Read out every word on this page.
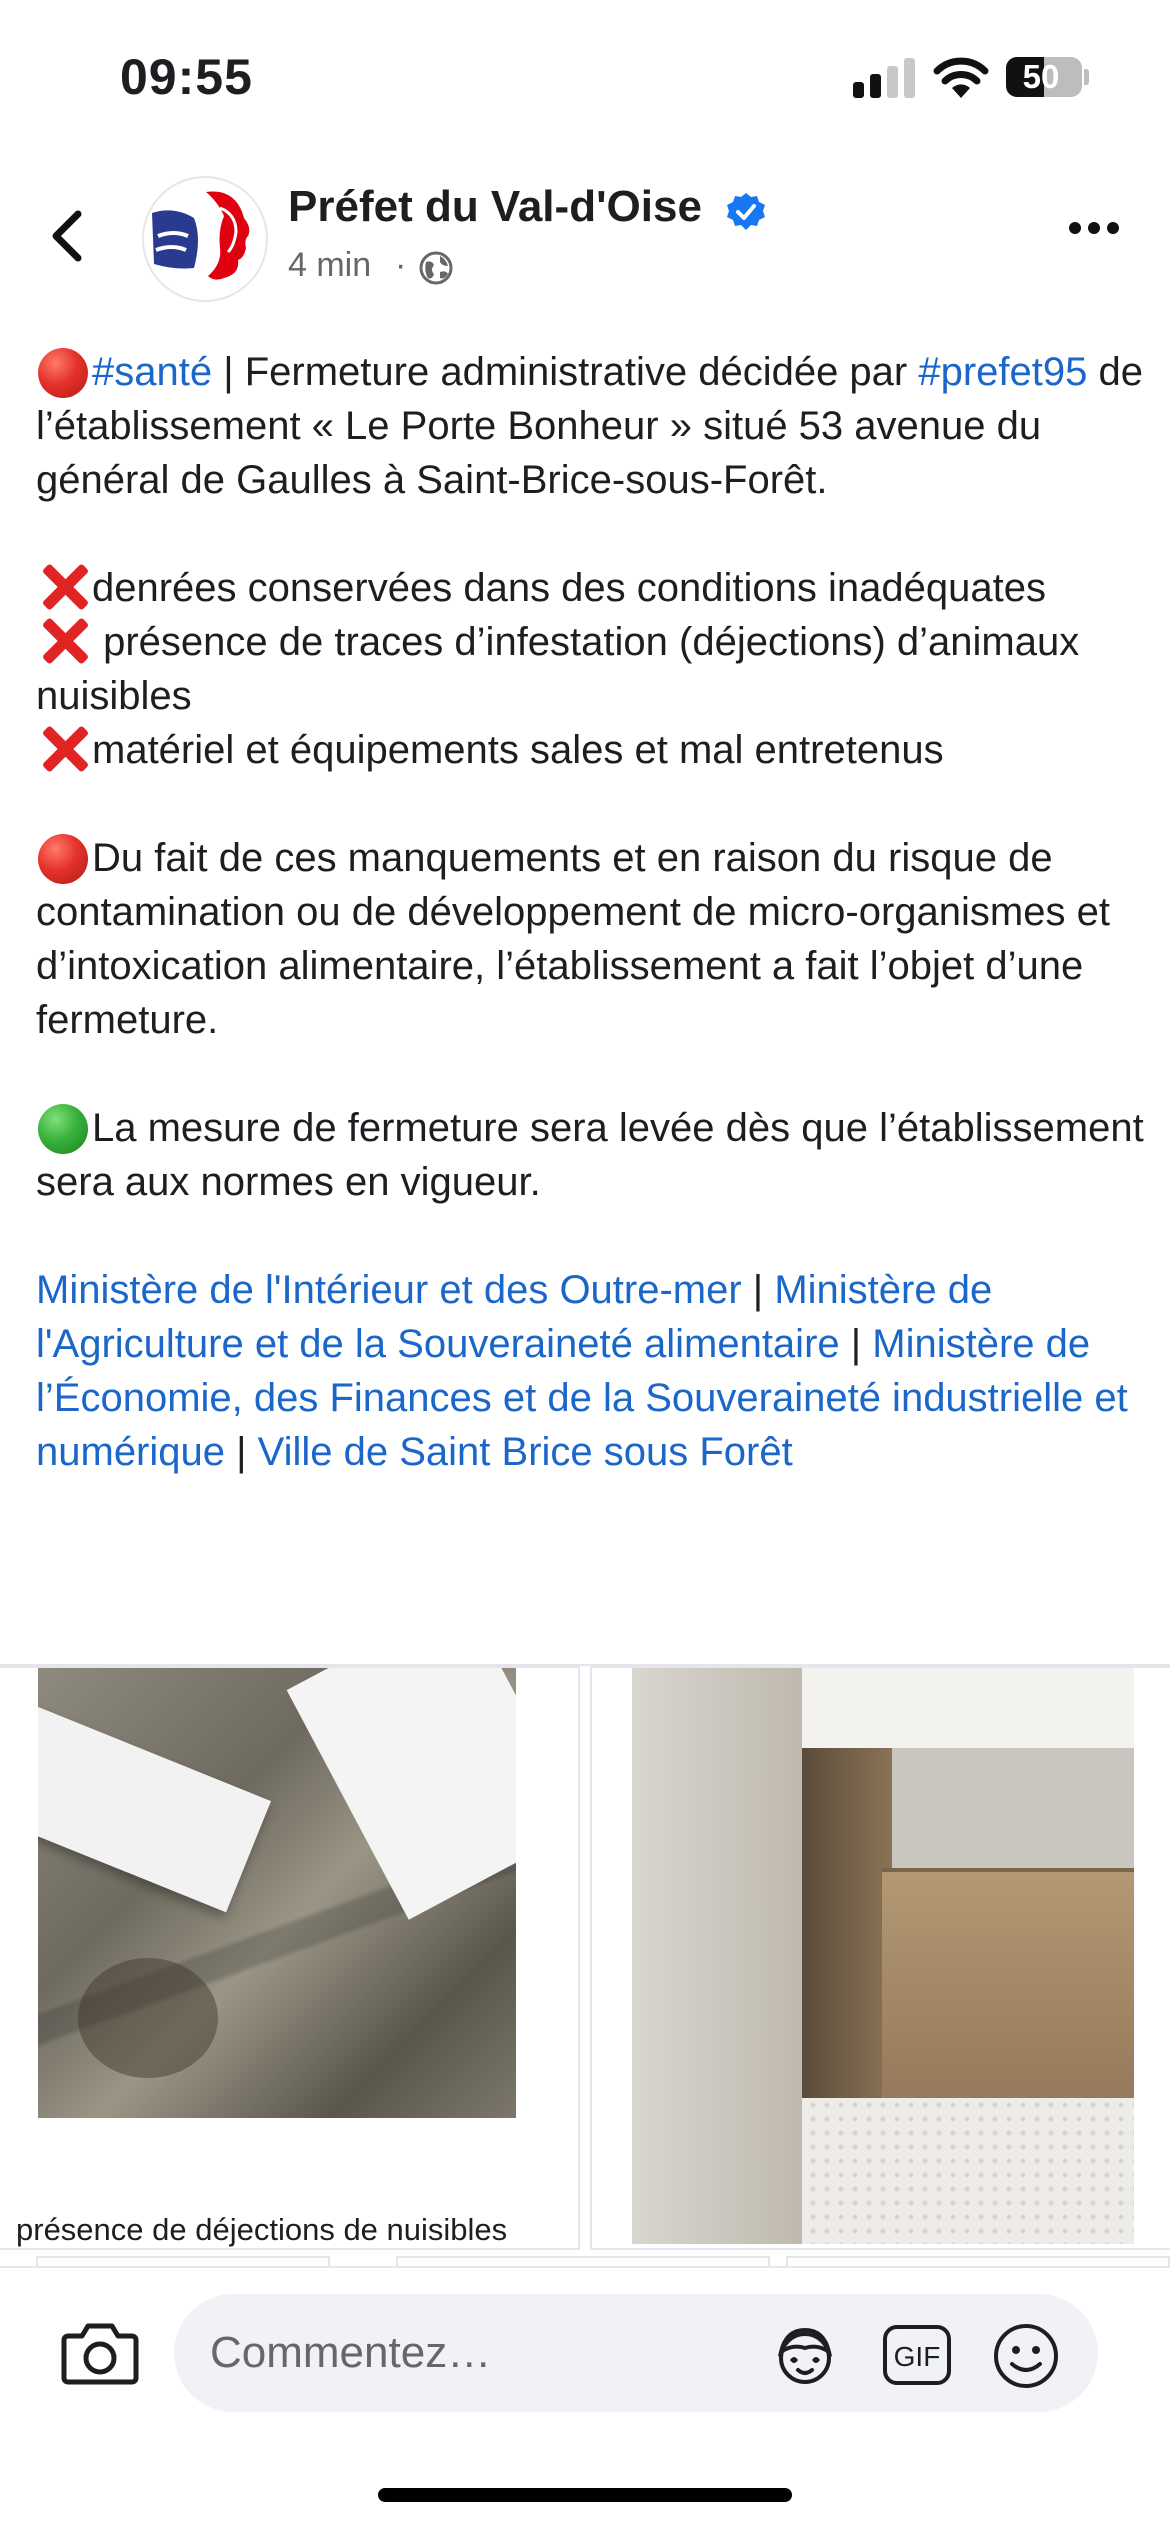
09:55	50
Préfet du Val-d'Oise
4 min ·

#santé | Fermeture administrative décidée par #prefet95 de l’établissement « Le Porte Bonheur » situé 53 avenue du général de Gaulles à Saint-Brice-sous-Forêt.

denrées conservées dans des conditions inadéquates
présence de traces d’infestation (déjections) d’animaux nuisibles
matériel et équipements sales et mal entretenus

Du fait de ces manquements et en raison du risque de contamination ou de développement de micro-organismes et d’intoxication alimentaire, l’établissement a fait l’objet d’une fermeture.

La mesure de fermeture sera levée dès que l’établissement sera aux normes en vigueur.

Ministère de l'Intérieur et des Outre-mer | Ministère de l'Agriculture et de la Souveraineté alimentaire | Ministère de l’Économie, des Finances et de la Souveraineté industrielle et numérique | Ville de Saint Brice sous Forêt

présence de déjections de nuisibles
Commentez…	GIF
